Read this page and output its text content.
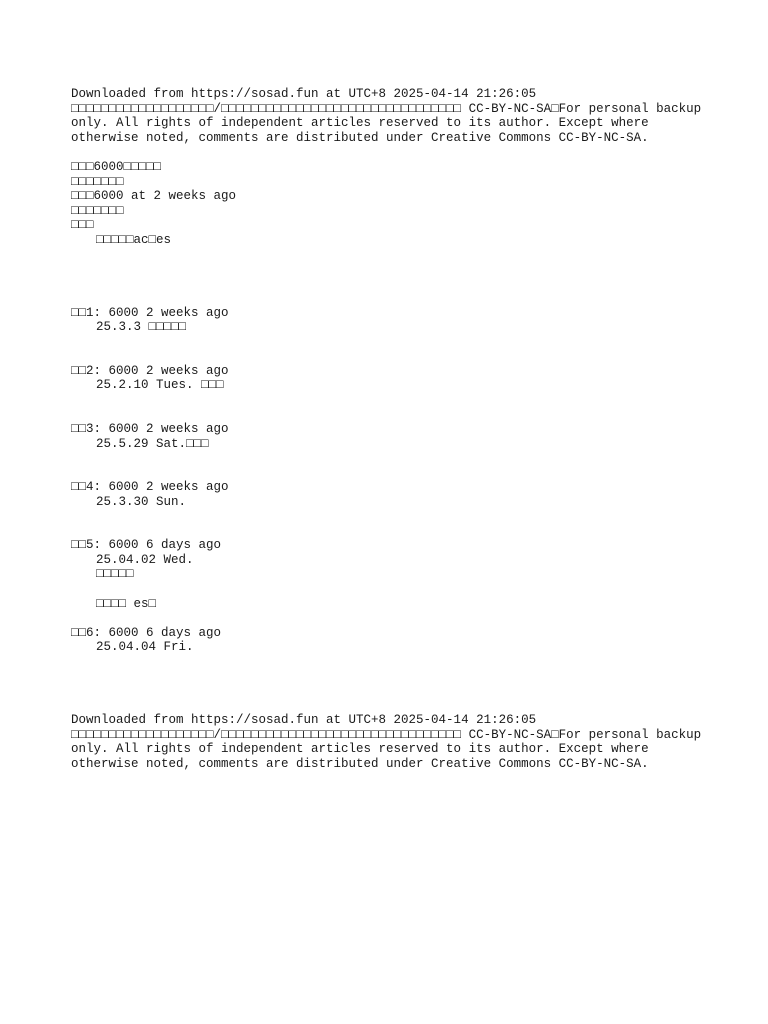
Downloaded from https://sosad.fun at UTC+8 2025-04-14 21:26:05
□□□□□□□□□□□□□□□□□□□/□□□□□□□□□□□□□□□□□□□□□□□□□□□□□□□□ CC-BY-NC-SA□For personal backup
only. All rights of independent articles reserved to its author. Except where
otherwise noted, comments are distributed under Creative Commons CC-BY-NC-SA.
□□□6000□□□□□
□□□□□□□
□□□6000 at 2 weeks ago
□□□□□□□
□□□
□□□□□ac□es
□□1: 6000 2 weeks ago
25.3.3 □□□□□
□□2: 6000 2 weeks ago
25.2.10 Tues. □□□
□□3: 6000 2 weeks ago
25.5.29 Sat.□□□
□□4: 6000 2 weeks ago
25.3.30 Sun.
□□5: 6000 6 days ago
25.04.02 Wed.
□□□□□
□□□□ es□
□□6: 6000 6 days ago
25.04.04 Fri.
Downloaded from https://sosad.fun at UTC+8 2025-04-14 21:26:05
□□□□□□□□□□□□□□□□□□□/□□□□□□□□□□□□□□□□□□□□□□□□□□□□□□□□ CC-BY-NC-SA□For personal backup
only. All rights of independent articles reserved to its author. Except where
otherwise noted, comments are distributed under Creative Commons CC-BY-NC-SA.
